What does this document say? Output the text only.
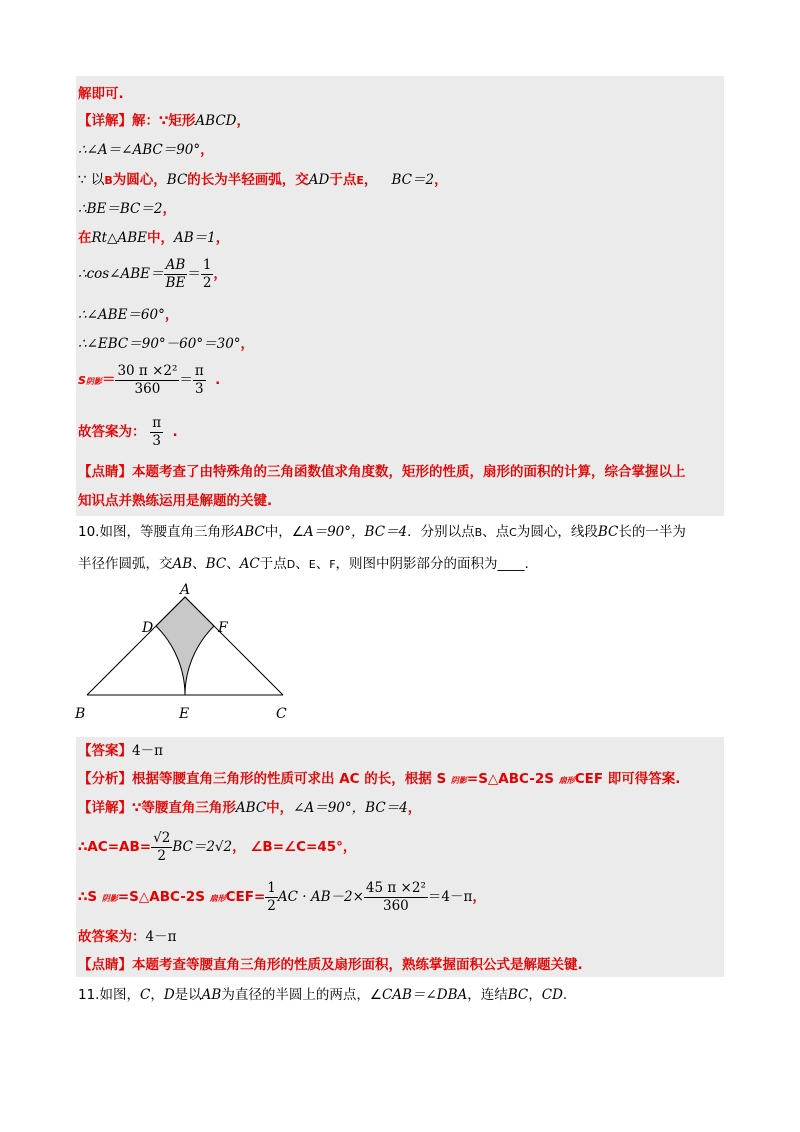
解即可.
【详解】解：∵矩形ABCD，
∴∠A＝∠ABC＝90°，
∵ 以B为圆心，BC的长为半轻画弧，交AD于点E， BC＝2，
∴BE＝BC＝2，
在Rt△ABE中，AB＝1，
∴cos∠ABE＝ $\frac{AB}{BE} = \frac{1}{2}$ ，
∴∠ABE＝60°，
∴∠EBC＝90°－60°＝30°，
S阴影＝ $\frac{\text{30 π ×2²}}{360} = \frac{\pi}{3}$ .
故答案为： $\frac{\pi}{3}$ .
【点睛】本题考查了由特殊角的三角函数值求角度数，矩形的性质，扇形的面积的计算，综合掌握以上
知识点并熟练运用是解题的关键.
10.如图，等腰直角三角形ABC中，∠A＝90°，BC＝4．分别以点B、点C为圆心，线段BC长的一半为
半径作圆弧，交AB、BC、AC于点D、E、F，则图中阴影部分的面积为____.
A
D	F
B	E	C
【答案】4－π
【分析】根据等腰直角三角形的性质可求出 AC 的长，根据 S 阴影=S△ABC-2S 扇形CEF 即可得答案.
【详解】∵等腰直角三角形ABC中，∠A＝90°，BC＝4，
∴AC=AB= $\frac{√2}{2} BC=2√2$， ∠B=∠C=45°，
∴S 阴影=S△ABC-2S 扇形$CEF= \frac{1}{2}$ AC · $AB-2\times \frac{\text{45 π ×2²}}{360} =4-\pi$，
故答案为：4－π
【点睛】本题考查等腰直角三角形的性质及扇形面积，熟练掌握面积公式是解题关键.
11.如图，C，D是以AB为直径的半圆上的两点，∠CAB＝∠DBA，连结BC，CD.
